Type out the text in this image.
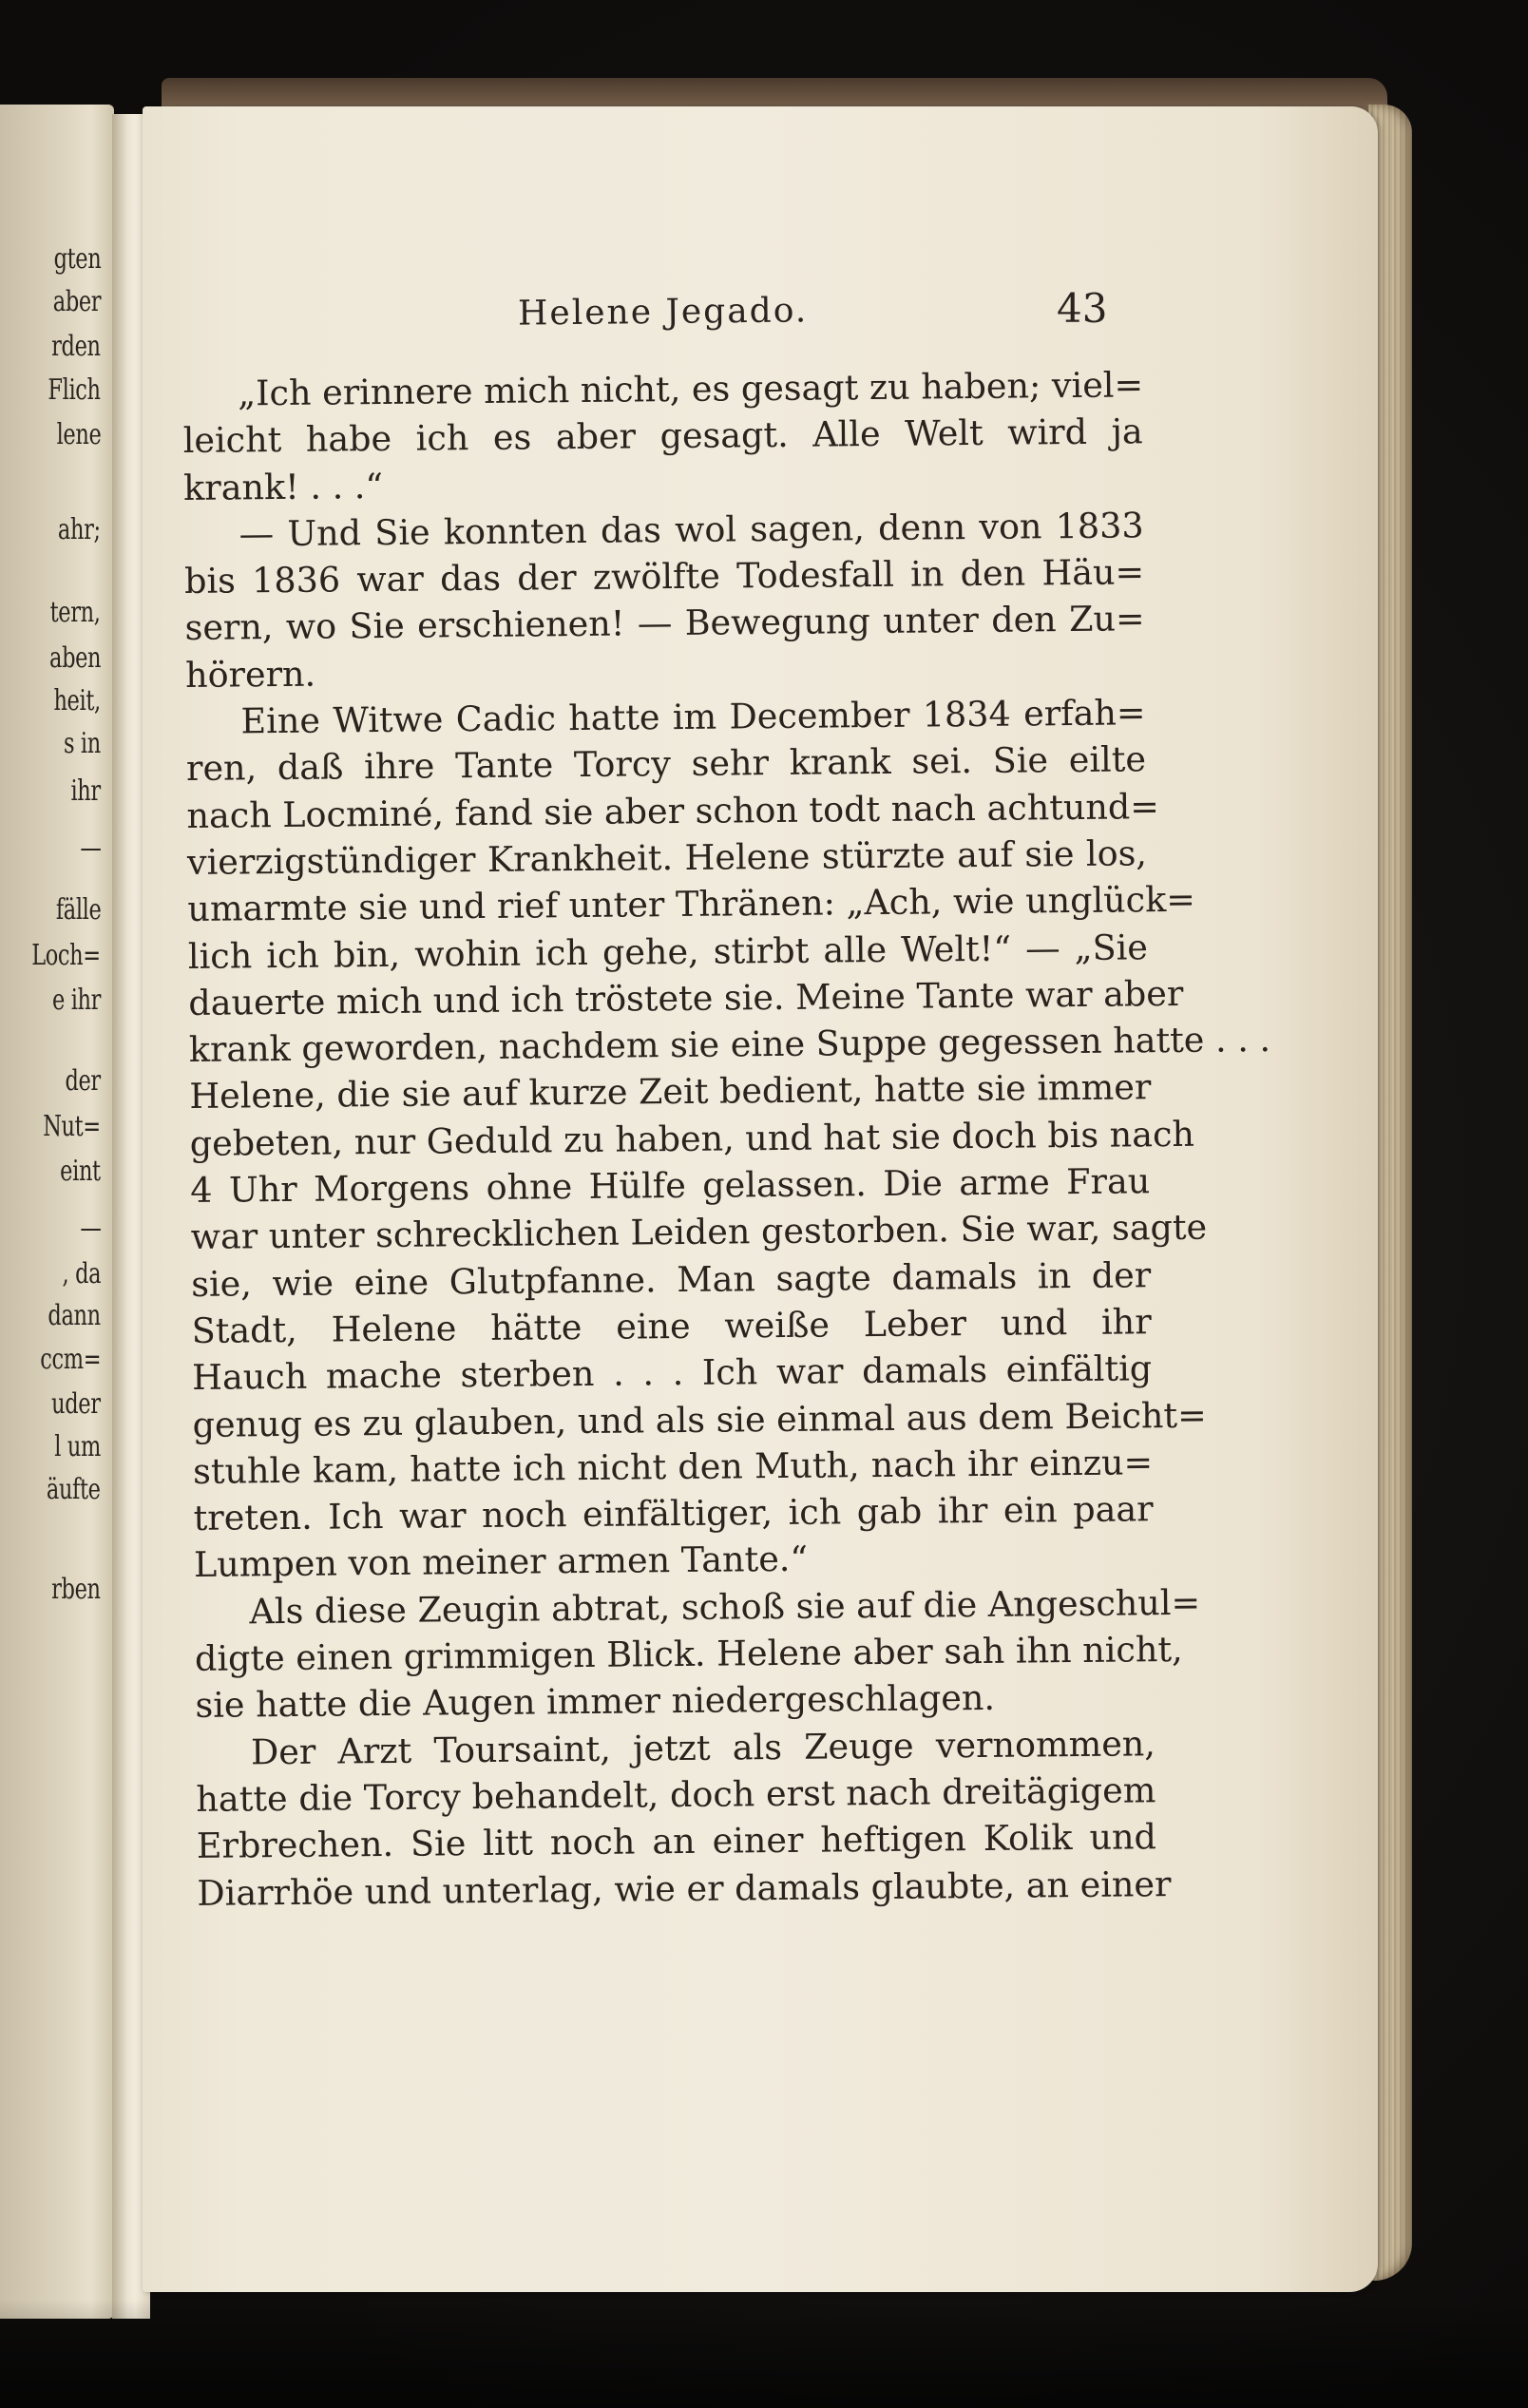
gten
aber
rden
Flich
lene
ahr;
tern,
aben
heit,
s in
ihr
—
fälle
Loch=
e ihr
der
Nut=
eint
—
, da
dann
ccm=
uder
l um
äufte
rben
Helene Jegado.	43
„Ich erinnere mich nicht, es gesagt zu haben; viel=
leicht habe ich es aber gesagt. Alle Welt wird ja
krank! . . .“
— Und Sie konnten das wol sagen, denn von 1833
bis 1836 war das der zwölfte Todesfall in den Häu=
sern, wo Sie erschienen! — Bewegung unter den Zu=
hörern.
Eine Witwe Cadic hatte im December 1834 erfah=
ren, daß ihre Tante Torcy sehr krank sei. Sie eilte
nach Locminé, fand sie aber schon todt nach achtund=
vierzigstündiger Krankheit. Helene stürzte auf sie los,
umarmte sie und rief unter Thränen: „Ach, wie unglück=
lich ich bin, wohin ich gehe, stirbt alle Welt!“ — „Sie
dauerte mich und ich tröstete sie. Meine Tante war aber
krank geworden, nachdem sie eine Suppe gegessen hatte . . .
Helene, die sie auf kurze Zeit bedient, hatte sie immer
gebeten, nur Geduld zu haben, und hat sie doch bis nach
4 Uhr Morgens ohne Hülfe gelassen. Die arme Frau
war unter schrecklichen Leiden gestorben. Sie war, sagte
sie, wie eine Glutpfanne. Man sagte damals in der
Stadt, Helene hätte eine weiße Leber und ihr
Hauch mache sterben . . . Ich war damals einfältig
genug es zu glauben, und als sie einmal aus dem Beicht=
stuhle kam, hatte ich nicht den Muth, nach ihr einzu=
treten. Ich war noch einfältiger, ich gab ihr ein paar
Lumpen von meiner armen Tante.“
Als diese Zeugin abtrat, schoß sie auf die Angeschul=
digte einen grimmigen Blick. Helene aber sah ihn nicht,
sie hatte die Augen immer niedergeschlagen.
Der Arzt Toursaint, jetzt als Zeuge vernommen,
hatte die Torcy behandelt, doch erst nach dreitägigem
Erbrechen. Sie litt noch an einer heftigen Kolik und
Diarrhöe und unterlag, wie er damals glaubte, an einer
